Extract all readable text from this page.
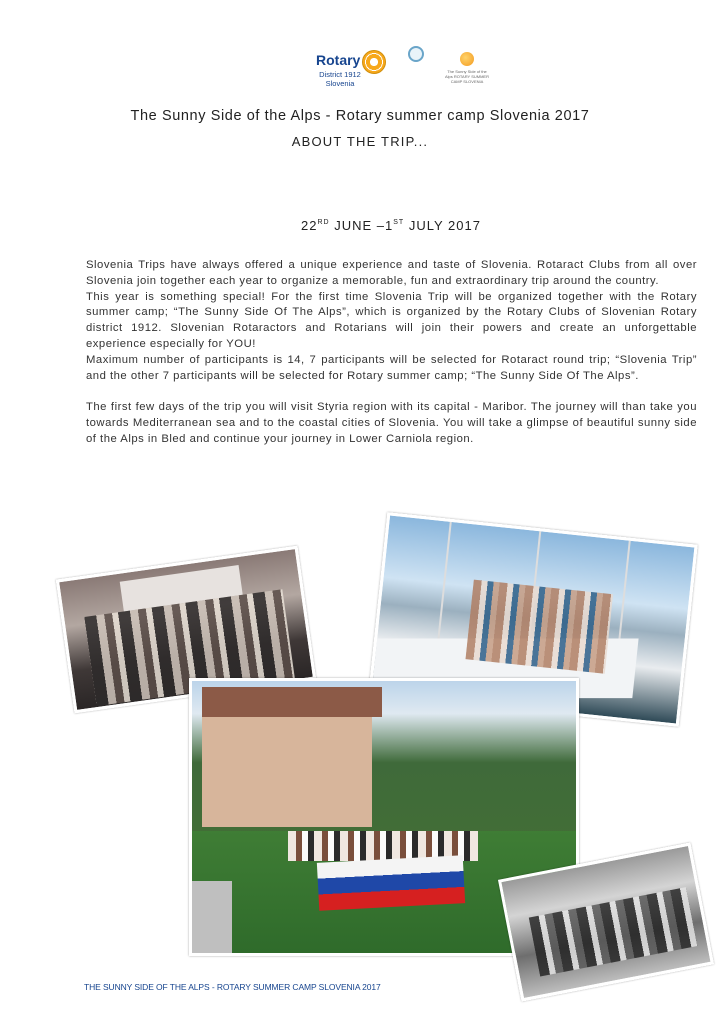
Rotary
District 1912
Slovenia
The Sunny Side of the Alps ROTARY SUMMER CAMP SLOVENIA
The Sunny Side of the Alps - Rotary summer camp Slovenia 2017
ABOUT THE TRIP...
22RD JUNE –1ST JULY 2017

Slovenia Trips have always offered a unique experience and taste of Slovenia. Rotaract Clubs from all over Slovenia join together each year to organize a memorable, fun and extraordinary trip around the country.

This year is something special! For the first time Slovenia Trip will be organized together with the Rotary summer camp; “The Sunny Side Of The Alps”, which is organized by the Rotary Clubs of Slovenian Rotary district 1912. Slovenian Rotaractors and Rotarians will join their powers and create an unforgettable experience especially for YOU!

Maximum number of participants is 14, 7 participants will be selected for Rotaract round trip; “Slovenia Trip” and the other 7 participants will be selected for Rotary summer camp; “The Sunny Side Of The Alps”.

The first few days of the trip you will visit Styria region with its capital - Maribor. The journey will than take you towards Mediterranean sea and to the coastal cities of Slovenia. You will take a glimpse of beautiful sunny side of the Alps in Bled and continue your journey in Lower Carniola region.

THE SUNNY SIDE OF THE ALPS - ROTARY SUMMER CAMP SLOVENIA 2017
